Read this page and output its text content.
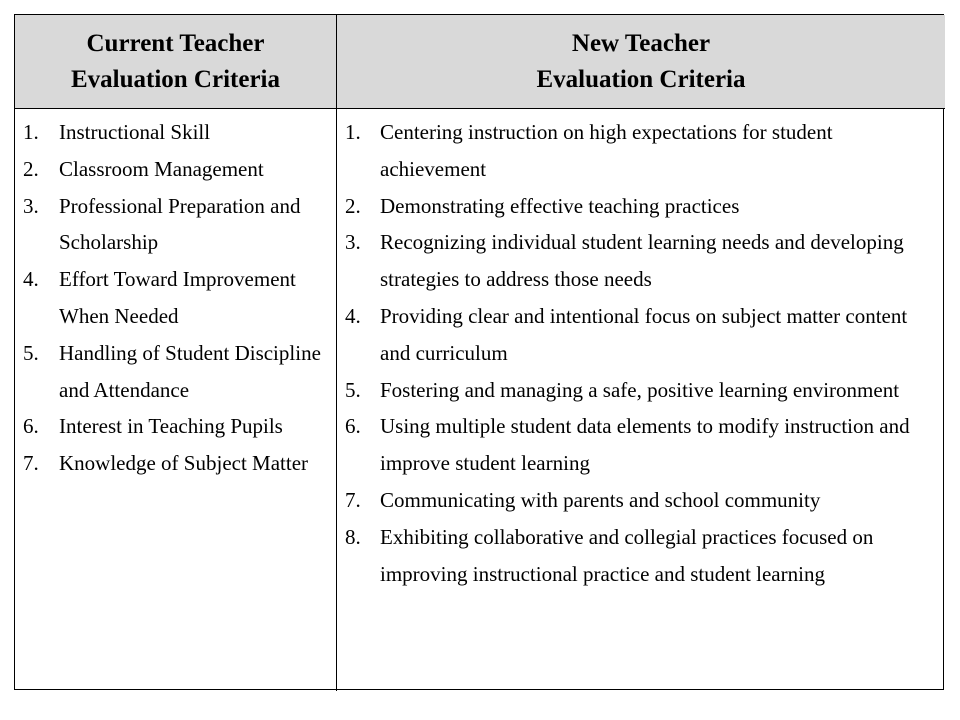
Current Teacher
Evaluation Criteria
New Teacher
Evaluation Criteria
1. Instructional Skill
2. Classroom Management
3. Professional Preparation and Scholarship
4. Effort Toward Improvement When Needed
5. Handling of Student Discipline and Attendance
6. Interest in Teaching Pupils
7. Knowledge of Subject Matter
1. Centering instruction on high expectations for student achievement
2. Demonstrating effective teaching practices
3. Recognizing individual student learning needs and developing strategies to address those needs
4. Providing clear and intentional focus on subject matter content and curriculum
5. Fostering and managing a safe, positive learning environment
6. Using multiple student data elements to modify instruction and improve student learning
7. Communicating with parents and school community
8. Exhibiting collaborative and collegial practices focused on improving instructional practice and student learning
